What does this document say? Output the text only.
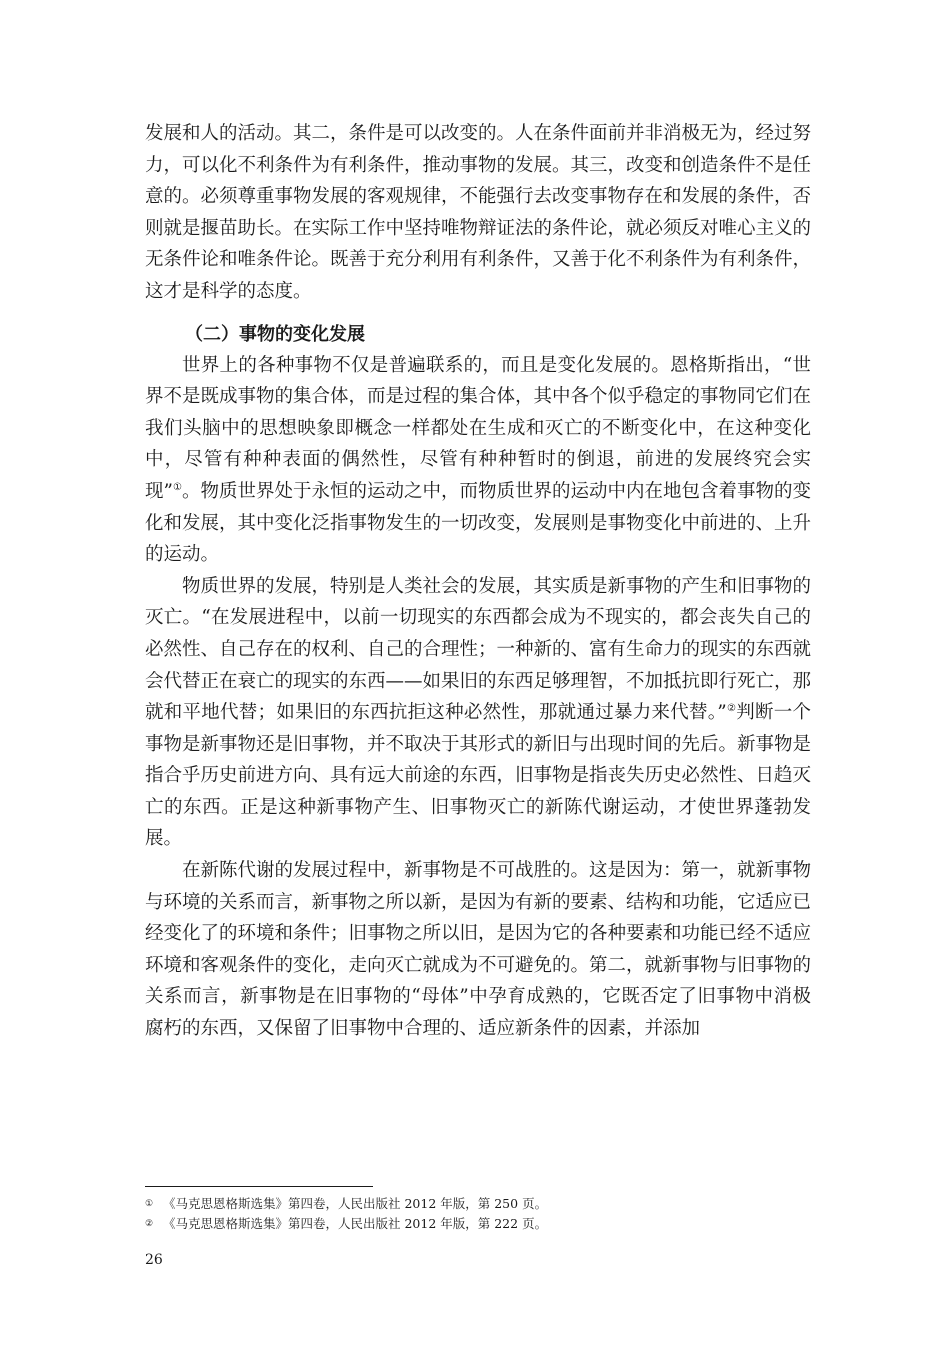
发展和人的活动。其二，条件是可以改变的。人在条件面前并非消极无为，经过努力，可以化不利条件为有利条件，推动事物的发展。其三，改变和创造条件不是任意的。必须尊重事物发展的客观规律，不能强行去改变事物存在和发展的条件，否则就是揠苗助长。在实际工作中坚持唯物辩证法的条件论，就必须反对唯心主义的无条件论和唯条件论。既善于充分利用有利条件，又善于化不利条件为有利条件，这才是科学的态度。

（二）事物的变化发展

世界上的各种事物不仅是普遍联系的，而且是变化发展的。恩格斯指出，“世界不是既成事物的集合体，而是过程的集合体，其中各个似乎稳定的事物同它们在我们头脑中的思想映象即概念一样都处在生成和灭亡的不断变化中，在这种变化中，尽管有种种表面的偶然性，尽管有种种暂时的倒退，前进的发展终究会实现”①。物质世界处于永恒的运动之中，而物质世界的运动中内在地包含着事物的变化和发展，其中变化泛指事物发生的一切改变，发展则是事物变化中前进的、上升的运动。

物质世界的发展，特别是人类社会的发展，其实质是新事物的产生和旧事物的灭亡。“在发展进程中，以前一切现实的东西都会成为不现实的，都会丧失自己的必然性、自己存在的权利、自己的合理性；一种新的、富有生命力的现实的东西就会代替正在衰亡的现实的东西——如果旧的东西足够理智，不加抵抗即行死亡，那就和平地代替；如果旧的东西抗拒这种必然性，那就通过暴力来代替。”②判断一个事物是新事物还是旧事物，并不取决于其形式的新旧与出现时间的先后。新事物是指合乎历史前进方向、具有远大前途的东西，旧事物是指丧失历史必然性、日趋灭亡的东西。正是这种新事物产生、旧事物灭亡的新陈代谢运动，才使世界蓬勃发展。

在新陈代谢的发展过程中，新事物是不可战胜的。这是因为：第一，就新事物与环境的关系而言，新事物之所以新，是因为有新的要素、结构和功能，它适应已经变化了的环境和条件；旧事物之所以旧，是因为它的各种要素和功能已经不适应环境和客观条件的变化，走向灭亡就成为不可避免的。第二，就新事物与旧事物的关系而言，新事物是在旧事物的“母体”中孕育成熟的，它既否定了旧事物中消极腐朽的东西，又保留了旧事物中合理的、适应新条件的因素，并添加

① 《马克思恩格斯选集》第四卷，人民出版社 2012 年版，第 250 页。
② 《马克思恩格斯选集》第四卷，人民出版社 2012 年版，第 222 页。
26
